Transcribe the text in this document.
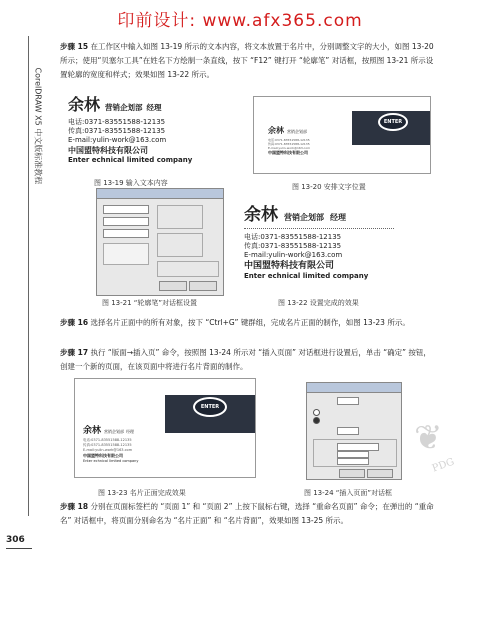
印前设计: www.afx365.com
CorelDRAW X5 中文版标准教程
306
步骤 15 在工作区中输入如图 13-19 所示的文本内容，将文本放置于名片中，分别调整文字的大小，如图 13-20 所示；使用“贝塞尔工具”在姓名下方绘制一条直线，按下 “F12” 键打开 “轮廓笔” 对话框，按照图 13-21 所示设置轮廓的宽度和样式；效果如图 13-22 所示。
余林 营销企划部 经理
电话:0371-83551588-12135
传真:0371-83551588-12135
E-mail:yulin-work@163.com
中国盟特科技有限公司
Enter echnical limited company
图 13-19 输入文本内容
ENTER
余林 营销企划部
电话:0371-83551588-12135
传真:0371-83551588-12135
E-mail:yulin-work@163.com
中国盟特科技有限公司
图 13-20 安排文字位置
图 13-21 “轮廓笔”对话框设置
余林 营销企划部 经理
电话:0371-83551588-12135
传真:0371-83551588-12135
E-mail:yulin-work@163.com
中国盟特科技有限公司
Enter echnical limited company
图 13-22 设置完成的效果
步骤 16 选择名片正面中的所有对象，按下 “Ctrl+G” 键群组，完成名片正面的制作，如图 13-23 所示。
步骤 17 执行 “版面→插入页” 命令，按照图 13-24 所示对 “插入页面” 对话框进行设置后，单击 “确定” 按钮，创建一个新的页面，在该页面中将进行名片背面的制作。
ENTER
余林 营销企划部 经理
电话:0371-83551588-12135
传真:0371-83551588-12135
E-mail:yulin-work@163.com
中国盟特科技有限公司
Enter echnical limited company
图 13-23 名片正面完成效果	图 13-24 “插入页面”对话框
❦
PDG
步骤 18 分别在页面标签栏的 “页面 1” 和 “页面 2” 上按下鼠标右键，选择 “重命名页面” 命令；在弹出的 “重命名” 对话框中，将页面分别命名为 “名片正面” 和 “名片背面”，效果如图 13-25 所示。
